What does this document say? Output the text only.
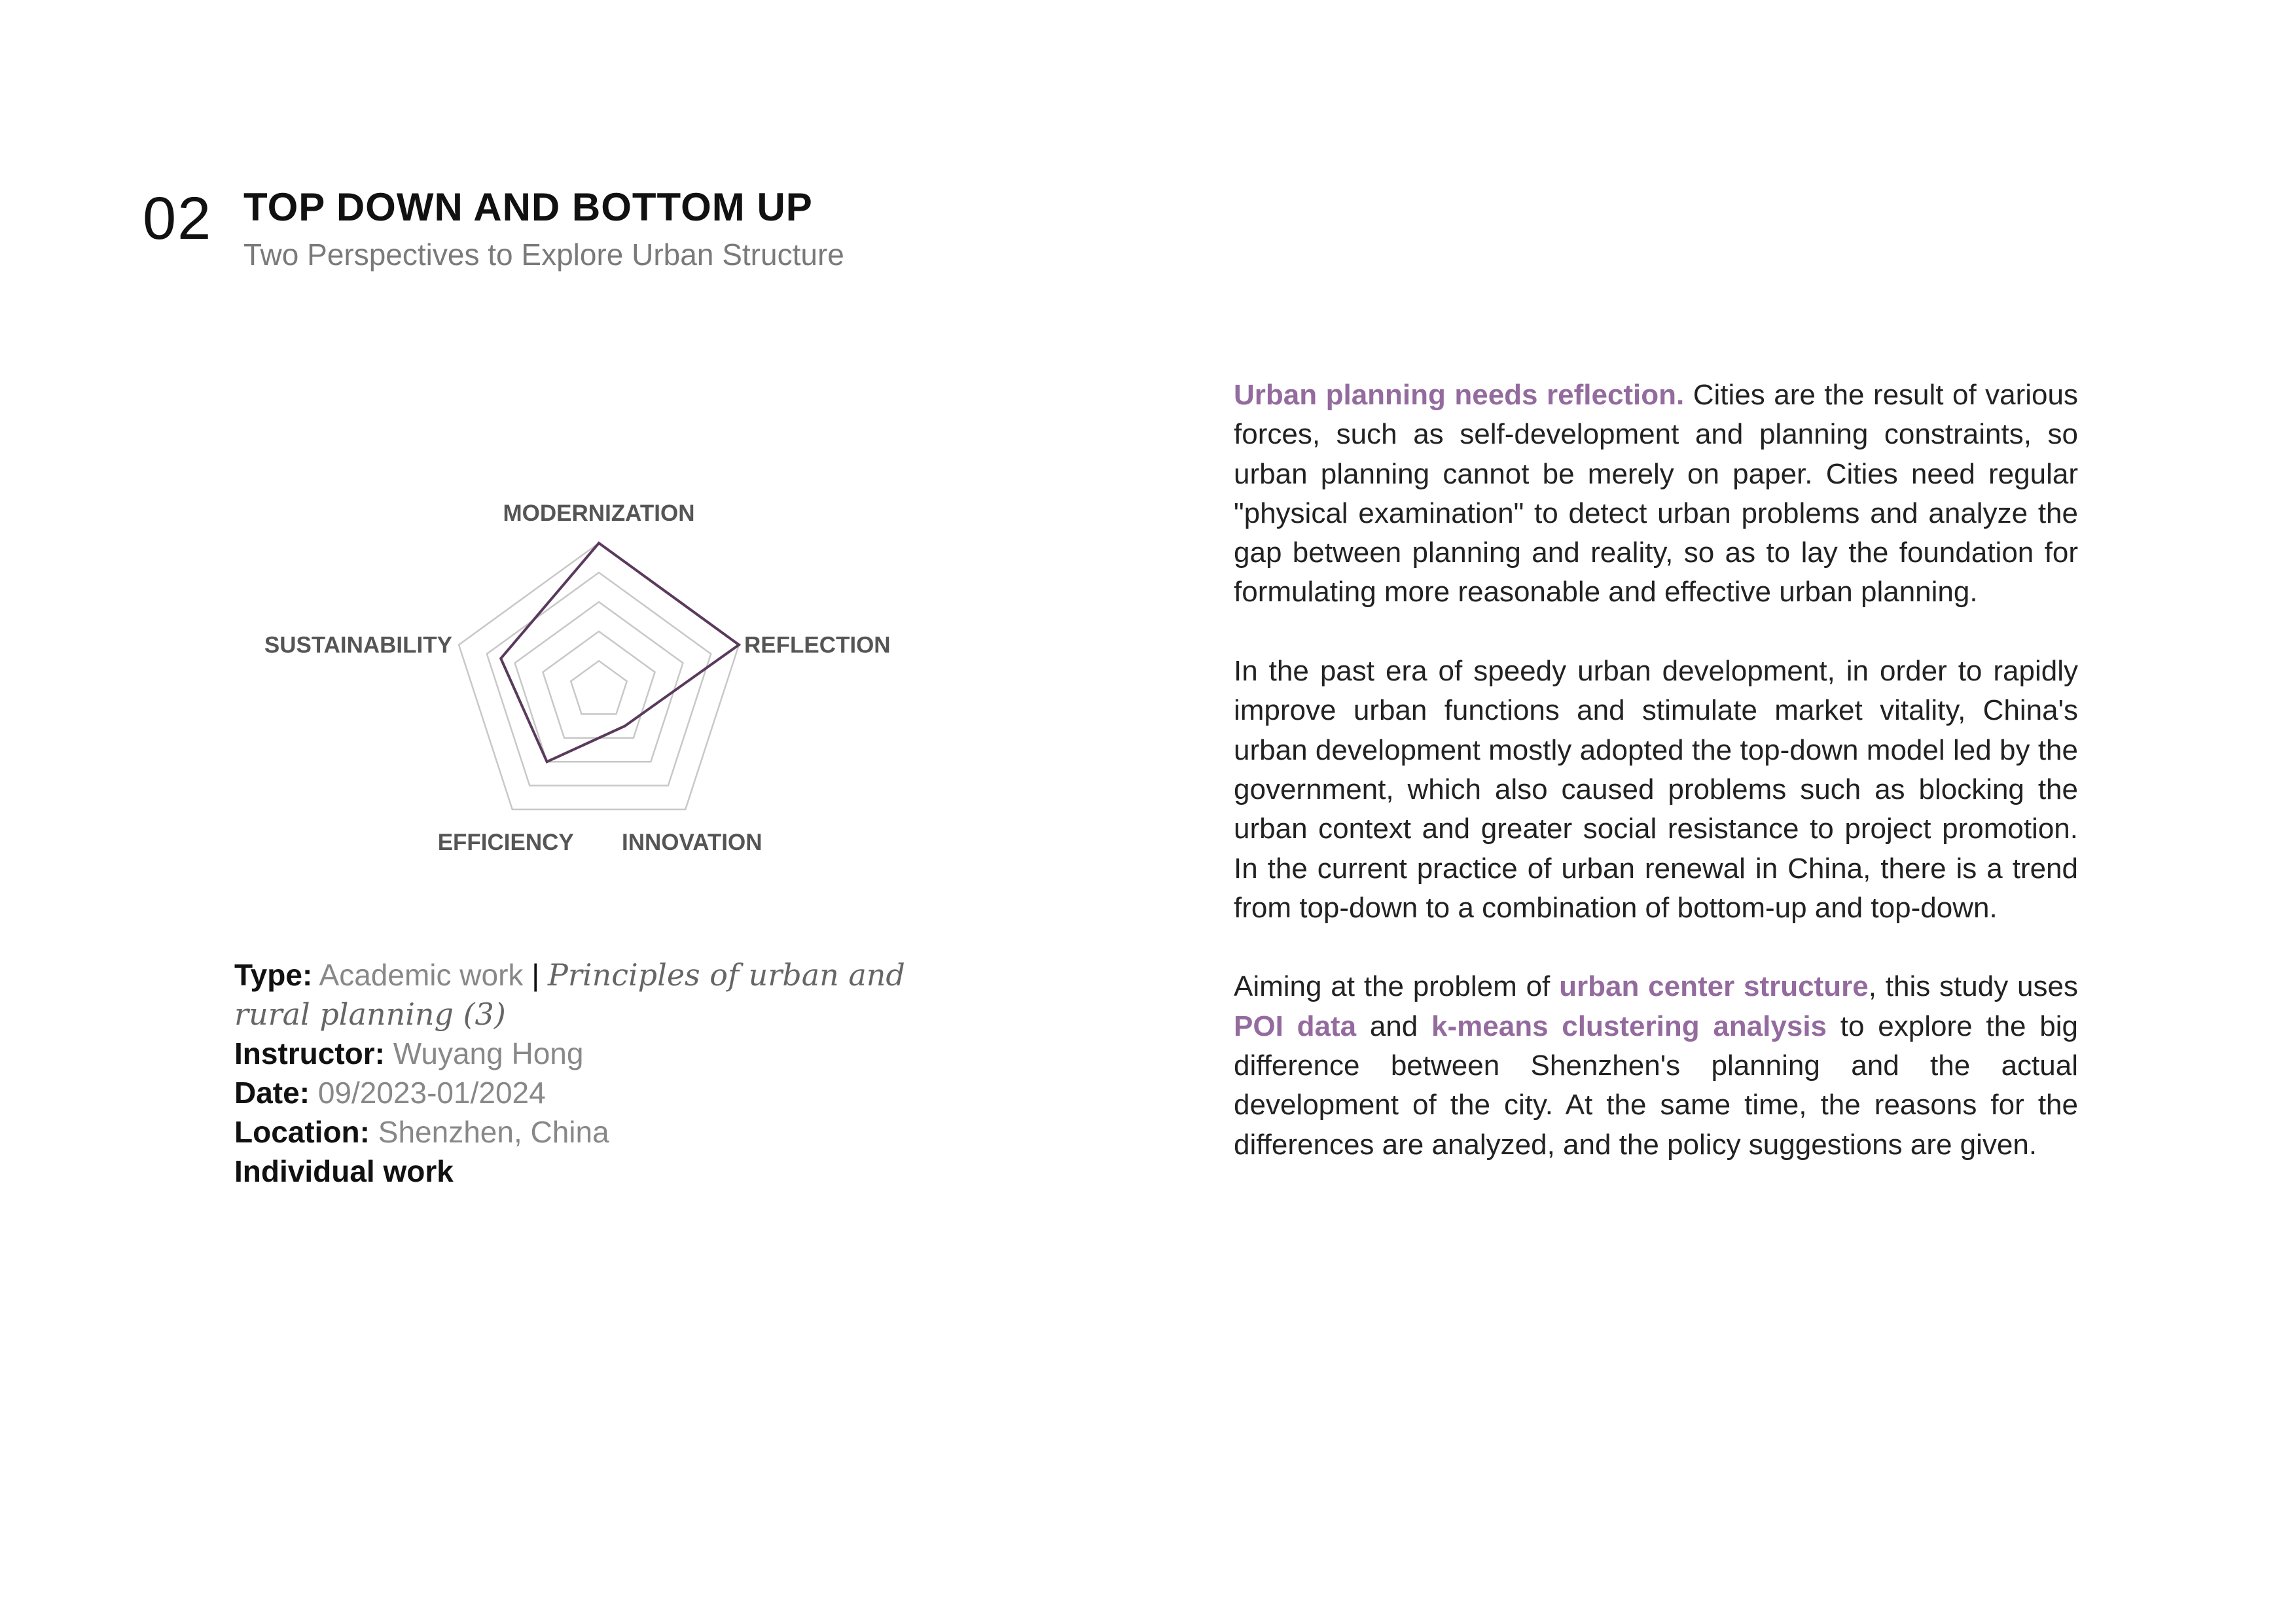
02 TOP DOWN AND BOTTOM UP
Two Perspectives to Explore Urban Structure
MODERNIZATION
REFLECTION
INNOVATION
EFFICIENCY
SUSTAINABILITY
Type: Academic work | Principles of urban and rural planning (3)
Instructor: Wuyang Hong
Date: 09/2023-01/2024
Location: Shenzhen, China
Individual work

Urban planning needs reflection. Cities are the result of various forces, such as self-development and planning constraints, so urban planning cannot be merely on paper. Cities need regular "physical examination" to detect urban problems and analyze the gap between planning and reality, so as to lay the foundation for formulating more reasonable and effective urban planning.

In the past era of speedy urban development, in order to rapidly improve urban functions and stimulate market vitality, China's urban development mostly adopted the top-down model led by the government, which also caused problems such as blocking the urban context and greater social resistance to project promotion. In the current practice of urban renewal in China, there is a trend from top-down to a combination of bottom-up and top-down.

Aiming at the problem of urban center structure, this study uses POI data and k-means clustering analysis to explore the big difference between Shenzhen's planning and the actual development of the city. At the same time, the reasons for the differences are analyzed, and the policy suggestions are given.
